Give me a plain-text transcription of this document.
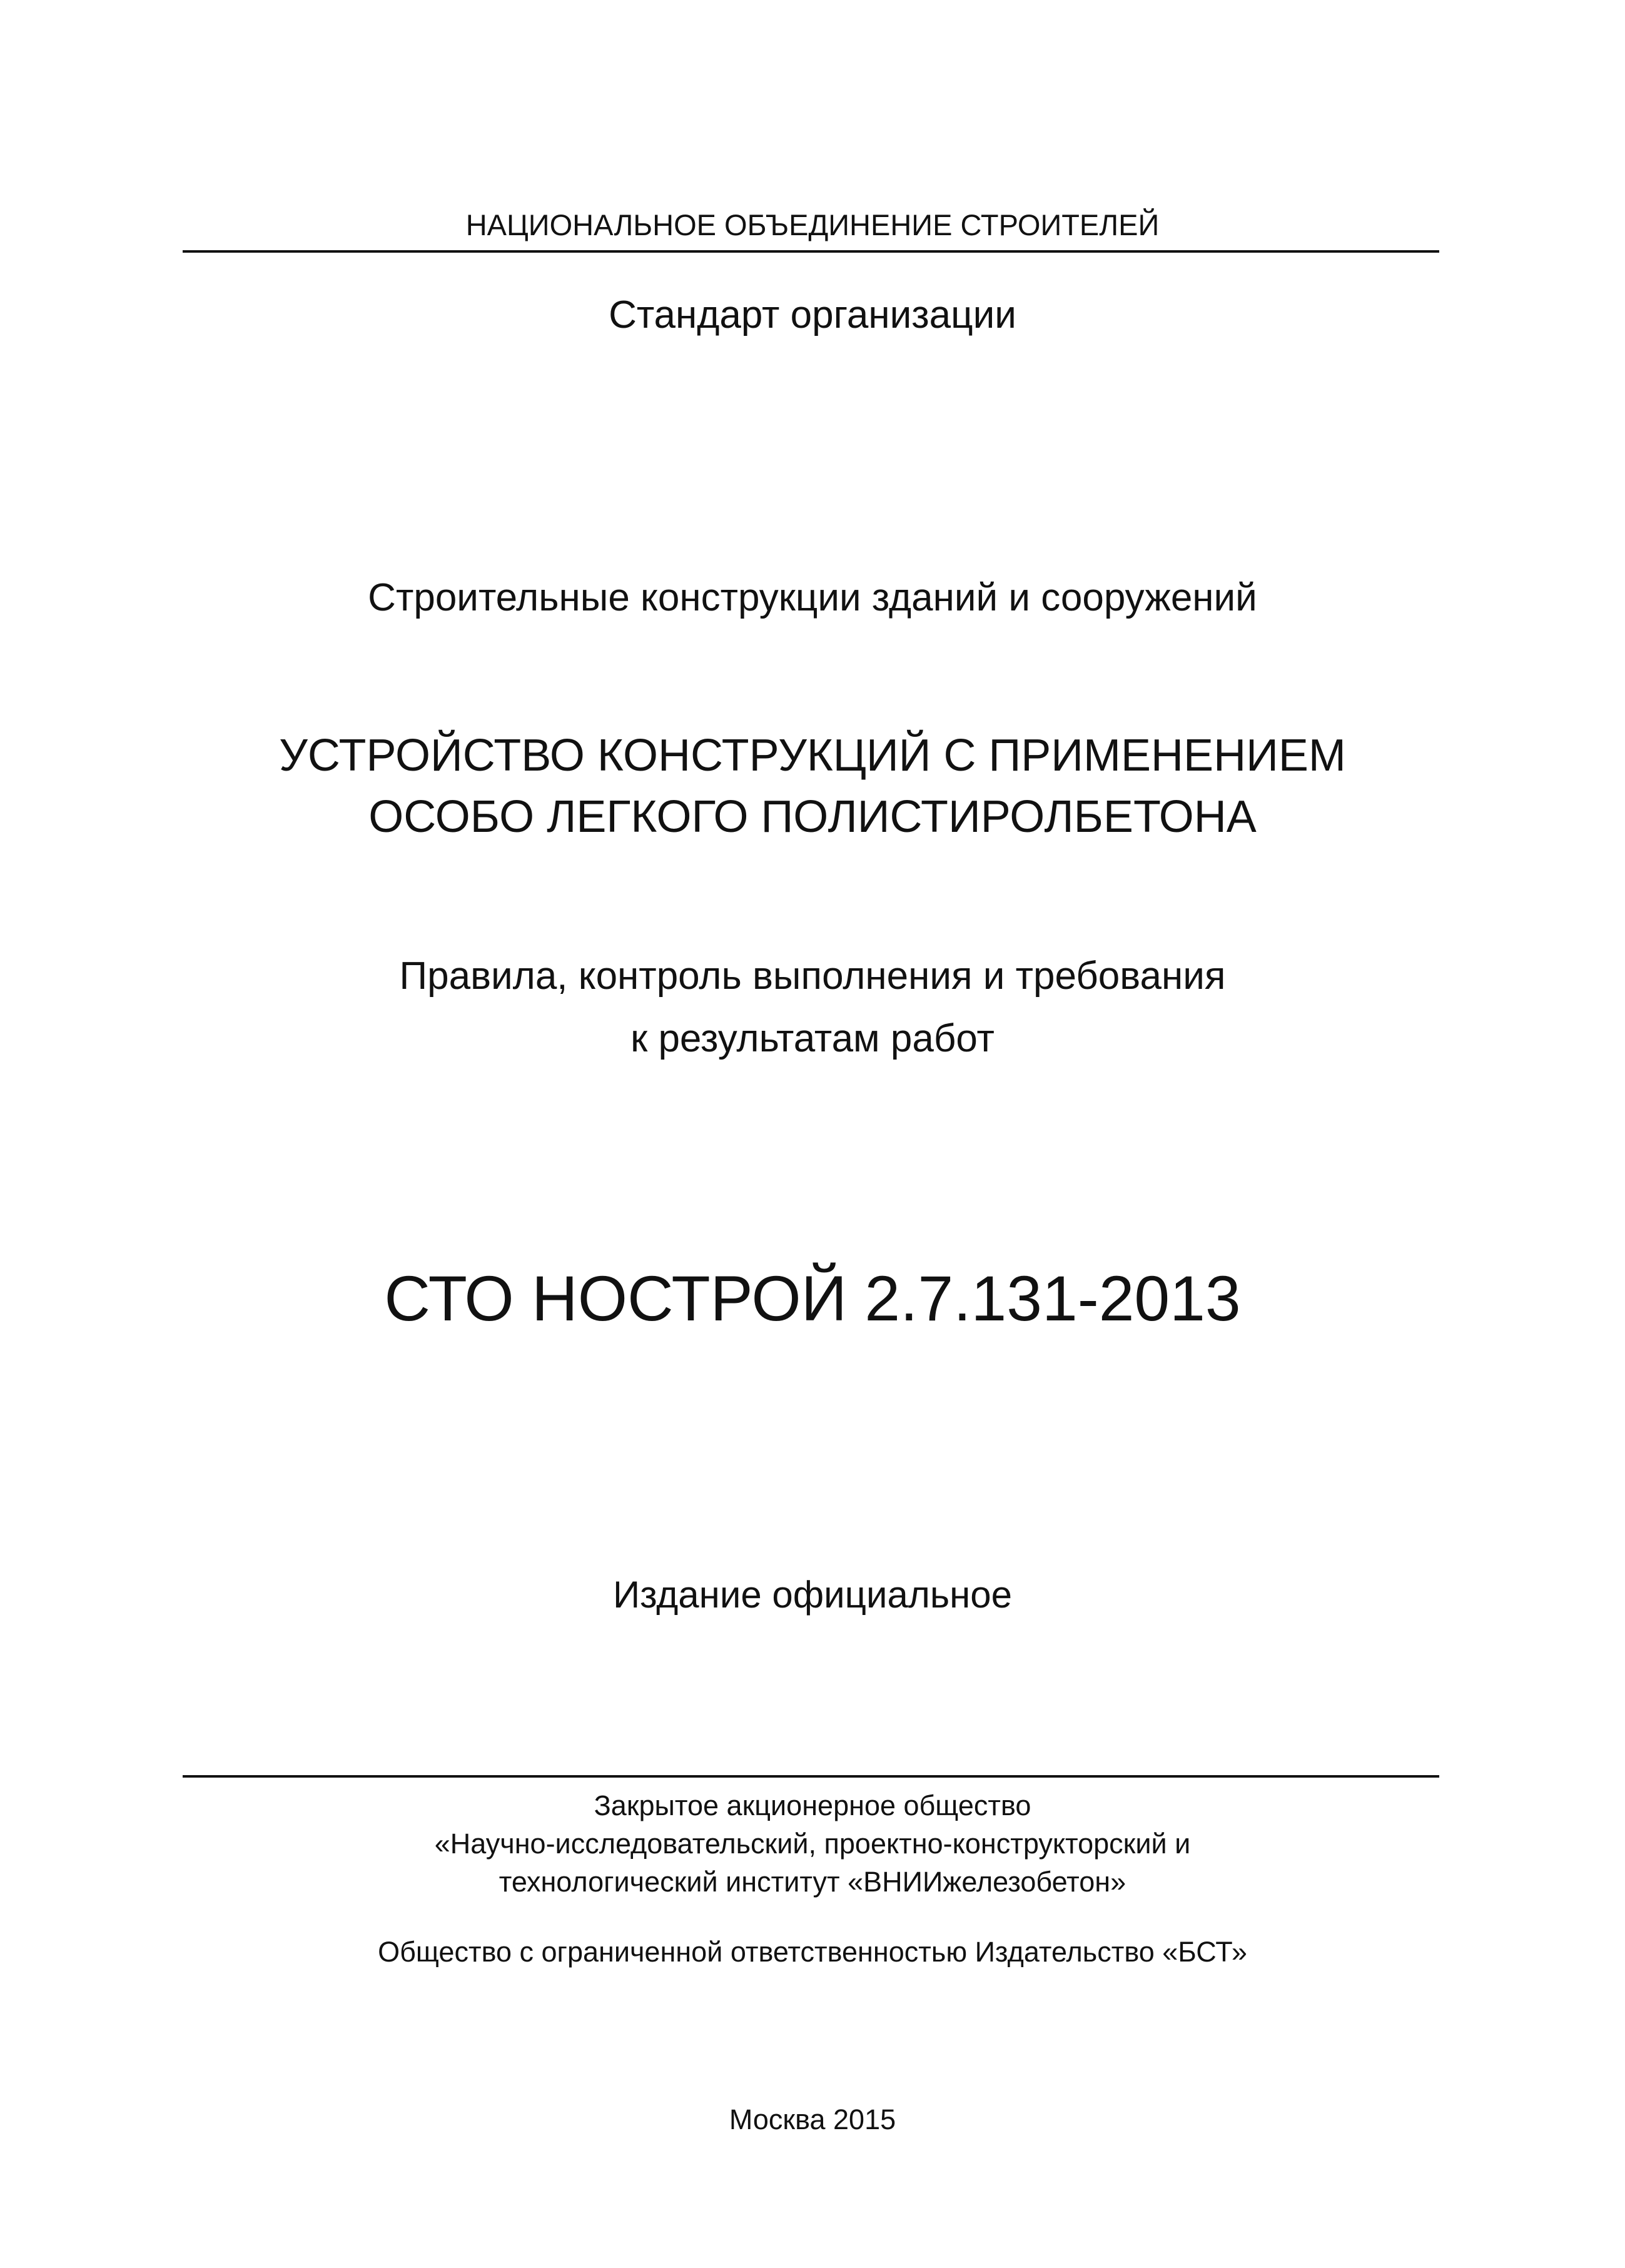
НАЦИОНАЛЬНОЕ ОБЪЕДИНЕНИЕ СТРОИТЕЛЕЙ
Стандарт организации
Строительные конструкции зданий и сооружений
УСТРОЙСТВО КОНСТРУКЦИЙ С ПРИМЕНЕНИЕМ
ОСОБО ЛЕГКОГО ПОЛИСТИРОЛБЕТОНА
Правила, контроль выполнения и требования
к результатам работ
СТО НОСТРОЙ 2.7.131-2013
Издание официальное
Закрытое акционерное общество
«Научно-исследовательский, проектно-конструкторский и
технологический институт «ВНИИжелезобетон»
Общество с ограниченной ответственностью Издательство «БСТ»
Москва 2015
